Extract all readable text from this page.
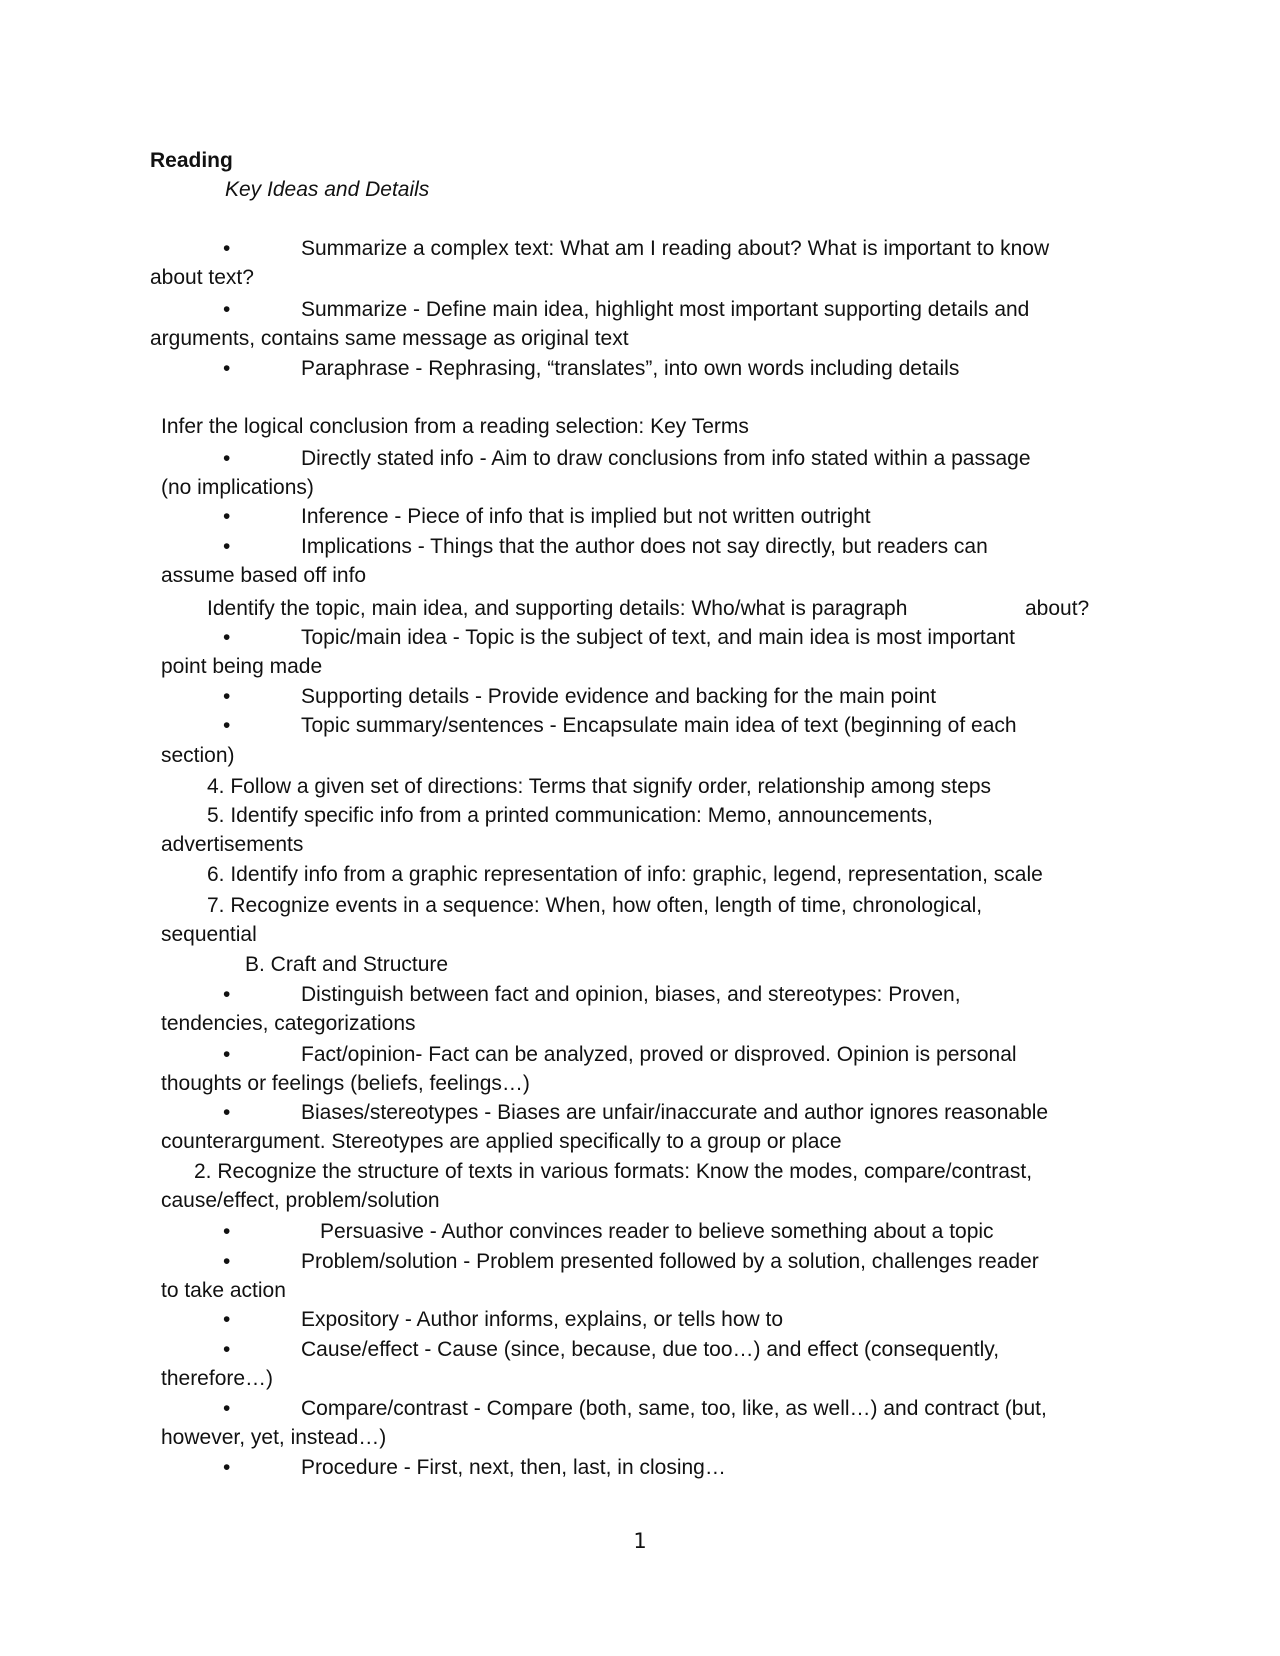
Reading

Key Ideas and Details

•	Summarize a complex text: What am I reading about? What is important to know

about text?

•	Summarize - Define main idea, highlight most important supporting details and

arguments, contains same message as original text

•	Paraphrase - Rephrasing, “translates”, into own words including details

Infer the logical conclusion from a reading selection: Key Terms

•	Directly stated info - Aim to draw conclusions from info stated within a passage

(no implications)

•	Inference - Piece of info that is implied but not written outright

•	Implications - Things that the author does not say directly, but readers can

assume based off info

Identify the topic, main idea, and supporting details: Who/what is paragraph	about?

•	Topic/main idea - Topic is the subject of text, and main idea is most important

point being made

•	Supporting details - Provide evidence and backing for the main point

•	Topic summary/sentences - Encapsulate main idea of text (beginning of each

section)

4. Follow a given set of directions: Terms that signify order, relationship among steps

5. Identify specific info from a printed communication: Memo, announcements,

advertisements

6. Identify info from a graphic representation of info: graphic, legend, representation, scale

7. Recognize events in a sequence: When, how often, length of time, chronological,

sequential

B. Craft and Structure

•	Distinguish between fact and opinion, biases, and stereotypes: Proven,

tendencies, categorizations

•	Fact/opinion- Fact can be analyzed, proved or disproved. Opinion is personal

thoughts or feelings (beliefs, feelings…)

•	Biases/stereotypes - Biases are unfair/inaccurate and author ignores reasonable

counterargument. Stereotypes are applied specifically to a group or place

2. Recognize the structure of texts in various formats: Know the modes, compare/contrast,

cause/effect, problem/solution

•	Persuasive - Author convinces reader to believe something about a topic

•	Problem/solution - Problem presented followed by a solution, challenges reader

to take action

•	Expository - Author informs, explains, or tells how to

•	Cause/effect - Cause (since, because, due too…) and effect (consequently,

therefore…)

•	Compare/contrast - Compare (both, same, too, like, as well…) and contract (but,

however, yet, instead…)

•	Procedure - First, next, then, last, in closing…

1
